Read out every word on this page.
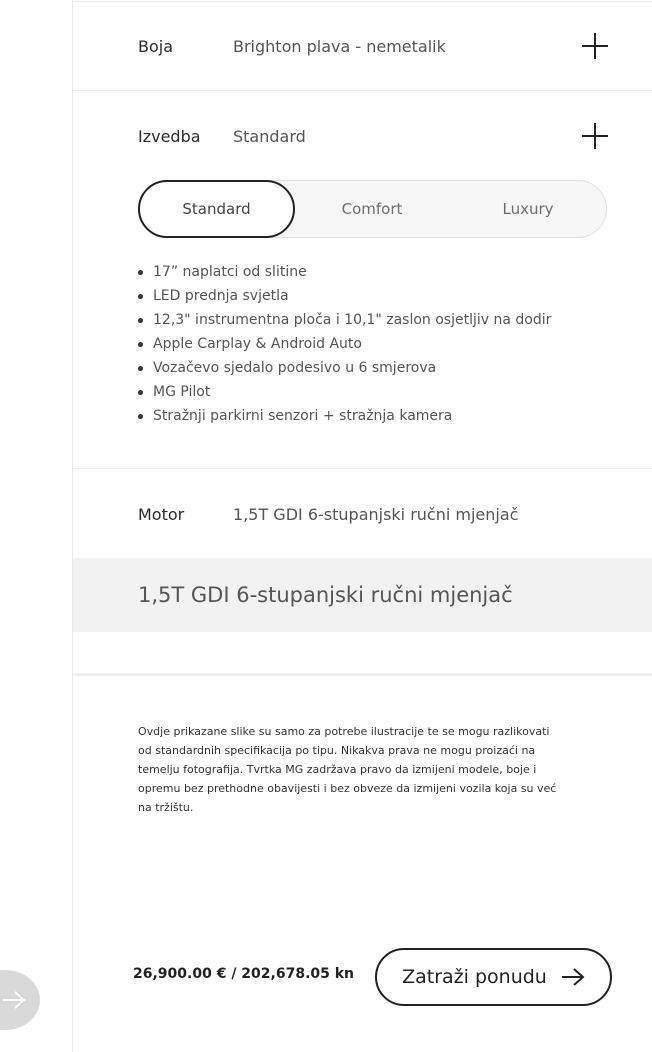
Boja	Brighton plava - nemetalik
Izvedba Standard
Standard	Comfort	Luxury
17” naplatci od slitine
LED prednja svjetla
12,3" instrumentna ploča i 10,1" zaslon osjetljiv na dodir
Apple Carplay & Android Auto
Vozačevo sjedalo podesivo u 6 smjerova
MG Pilot
Stražnji parkirni senzori + stražnja kamera
Motor	1,5T GDI 6-stupanjski ručni mjenjač
1,5T GDI 6-stupanjski ručni mjenjač
Ovdje prikazane slike su samo za potrebe ilustracije te se mogu razlikovati od standardnih specifikacija po tipu. Nikakva prava ne mogu proizaći na temelju fotografija. Tvrtka MG zadržava pravo da izmijeni modele, boje i opremu bez prethodne obavijesti i bez obveze da izmijeni vozila koja su već na tržištu.
26,900.00 € / 202,678.05 kn	Zatraži ponudu
